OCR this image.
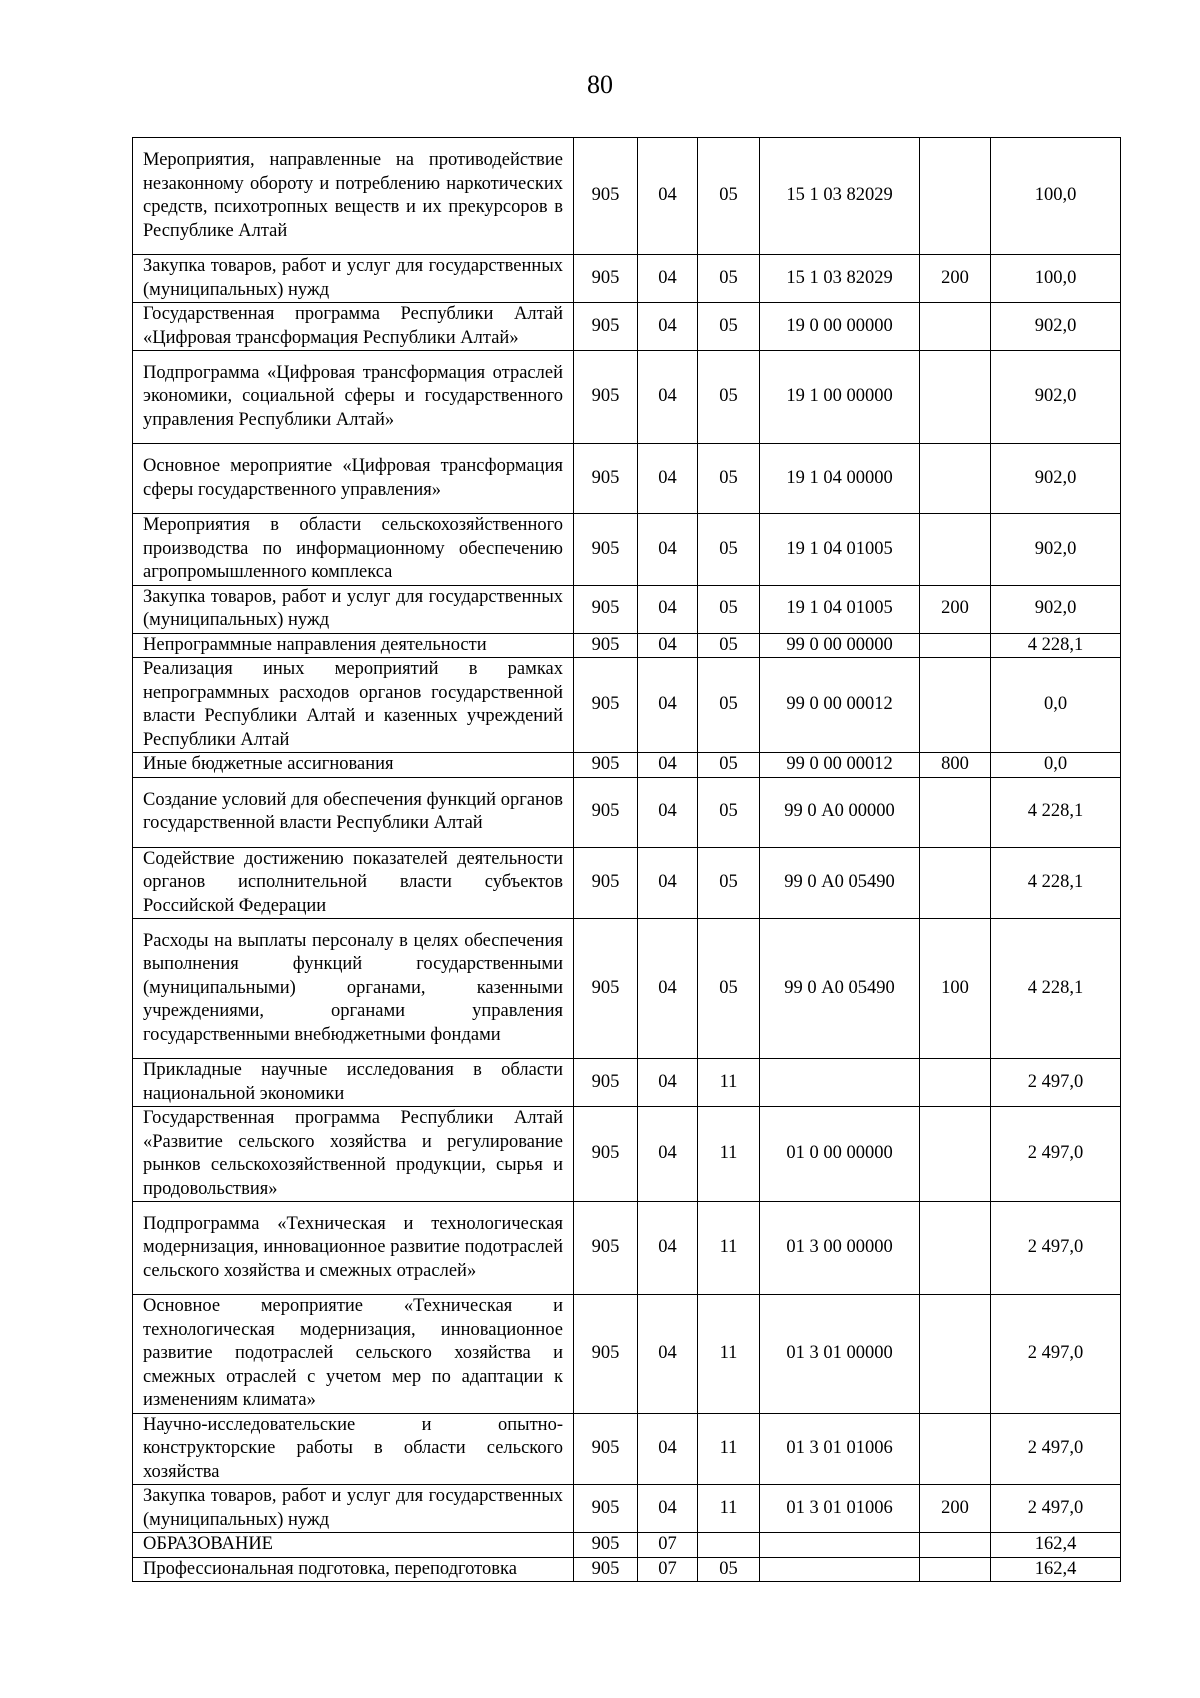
80
Мероприятия, направленные на противодействие незаконному обороту и потреблению наркотических средств, психотропных веществ и их прекурсоров в Республике Алтай	905	04	05	15 1 03 82029		100,0
Закупка товаров, работ и услуг для государственных (муниципальных) нужд	905	04	05	15 1 03 82029	200	100,0
Государственная программа Республики Алтай «Цифровая трансформация Республики Алтай»	905	04	05	19 0 00 00000		902,0
Подпрограмма «Цифровая трансформация отраслей экономики, социальной сферы и государственного управления Республики Алтай»	905	04	05	19 1 00 00000		902,0
Основное мероприятие «Цифровая трансформация сферы государственного управления»	905	04	05	19 1 04 00000		902,0
Мероприятия в области сельскохозяйственного производства по информационному обеспечению агропромышленного комплекса	905	04	05	19 1 04 01005		902,0
Закупка товаров, работ и услуг для государственных (муниципальных) нужд	905	04	05	19 1 04 01005	200	902,0
Непрограммные направления деятельности	905	04	05	99 0 00 00000		4 228,1
Реализация иных мероприятий в рамках непрограммных расходов органов государственной власти Республики Алтай и казенных учреждений Республики Алтай	905	04	05	99 0 00 00012		0,0
Иные бюджетные ассигнования	905	04	05	99 0 00 00012	800	0,0
Создание условий для обеспечения функций органов государственной власти Республики Алтай	905	04	05	99 0 А0 00000		4 228,1
Содействие достижению показателей деятельности органов исполнительной власти субъектов Российской Федерации	905	04	05	99 0 А0 05490		4 228,1
Расходы на выплаты персоналу в целях обеспечения выполнения функций государственными (муниципальными) органами, казенными учреждениями, органами управления государственными внебюджетными фондами	905	04	05	99 0 А0 05490	100	4 228,1
Прикладные научные исследования в области национальной экономики	905	04	11			2 497,0
Государственная программа Республики Алтай «Развитие сельского хозяйства и регулирование рынков сельскохозяйственной продукции, сырья и продовольствия»	905	04	11	01 0 00 00000		2 497,0
Подпрограмма «Техническая и технологическая модернизация, инновационное развитие подотраслей сельского хозяйства и смежных отраслей»	905	04	11	01 3 00 00000		2 497,0
Основное мероприятие «Техническая и технологическая модернизация, инновационное развитие подотраслей сельского хозяйства и смежных отраслей с учетом мер по адаптации к изменениям климата»	905	04	11	01 3 01 00000		2 497,0
Научно-исследовательские и опытно-конструкторские работы в области сельского хозяйства	905	04	11	01 3 01 01006		2 497,0
Закупка товаров, работ и услуг для государственных (муниципальных) нужд	905	04	11	01 3 01 01006	200	2 497,0
ОБРАЗОВАНИЕ	905	07				162,4
Профессиональная подготовка, переподготовка	905	07	05			162,4
